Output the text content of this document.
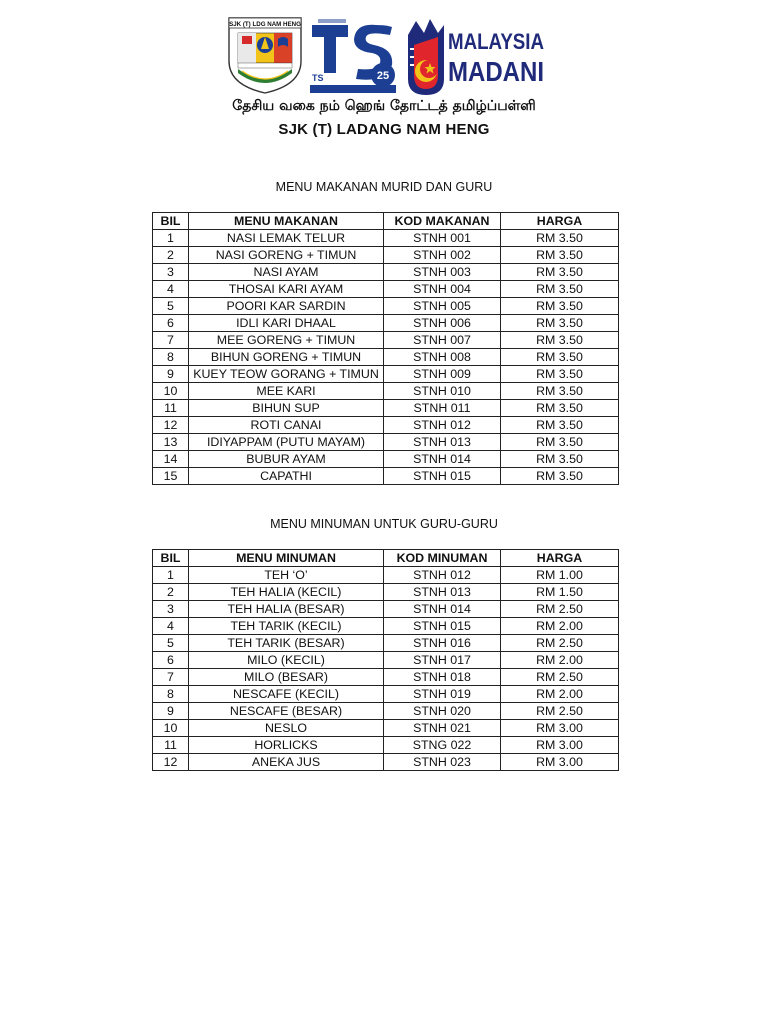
SJK (T) LDG NAM HENG
25
TS
MALAYSIA
MADANI
தேசிய வகை நம் ஹெங் தோட்டத் தமிழ்ப்பள்ளி
SJK (T) LADANG NAM HENG
MENU MAKANAN MURID DAN GURU
BIL	MENU MAKANAN	KOD MAKANAN	HARGA
1	NASI LEMAK TELUR	STNH 001	RM 3.50
2	NASI GORENG + TIMUN	STNH 002	RM 3.50
3	NASI AYAM	STNH 003	RM 3.50
4	THOSAI KARI AYAM	STNH 004	RM 3.50
5	POORI KAR SARDIN	STNH 005	RM 3.50
6	IDLI KARI DHAAL	STNH 006	RM 3.50
7	MEE GORENG + TIMUN	STNH 007	RM 3.50
8	BIHUN GORENG + TIMUN	STNH 008	RM 3.50
9	KUEY TEOW GORANG + TIMUN	STNH 009	RM 3.50
10	MEE KARI	STNH 010	RM 3.50
11	BIHUN SUP	STNH 011	RM 3.50
12	ROTI CANAI	STNH 012	RM 3.50
13	IDIYAPPAM (PUTU MAYAM)	STNH 013	RM 3.50
14	BUBUR AYAM	STNH 014	RM 3.50
15	CAPATHI	STNH 015	RM 3.50
MENU MINUMAN UNTUK GURU-GURU
BIL	MENU MINUMAN	KOD MINUMAN	HARGA
1	TEH ‘O’	STNH 012	RM 1.00
2	TEH HALIA (KECIL)	STNH 013	RM 1.50
3	TEH HALIA (BESAR)	STNH 014	RM 2.50
4	TEH TARIK (KECIL)	STNH 015	RM 2.00
5	TEH TARIK (BESAR)	STNH 016	RM 2.50
6	MILO (KECIL)	STNH 017	RM 2.00
7	MILO (BESAR)	STNH 018	RM 2.50
8	NESCAFE (KECIL)	STNH 019	RM 2.00
9	NESCAFE (BESAR)	STNH 020	RM 2.50
10	NESLO	STNH 021	RM 3.00
11	HORLICKS	STNG 022	RM 3.00
12	ANEKA JUS	STNH 023	RM 3.00
